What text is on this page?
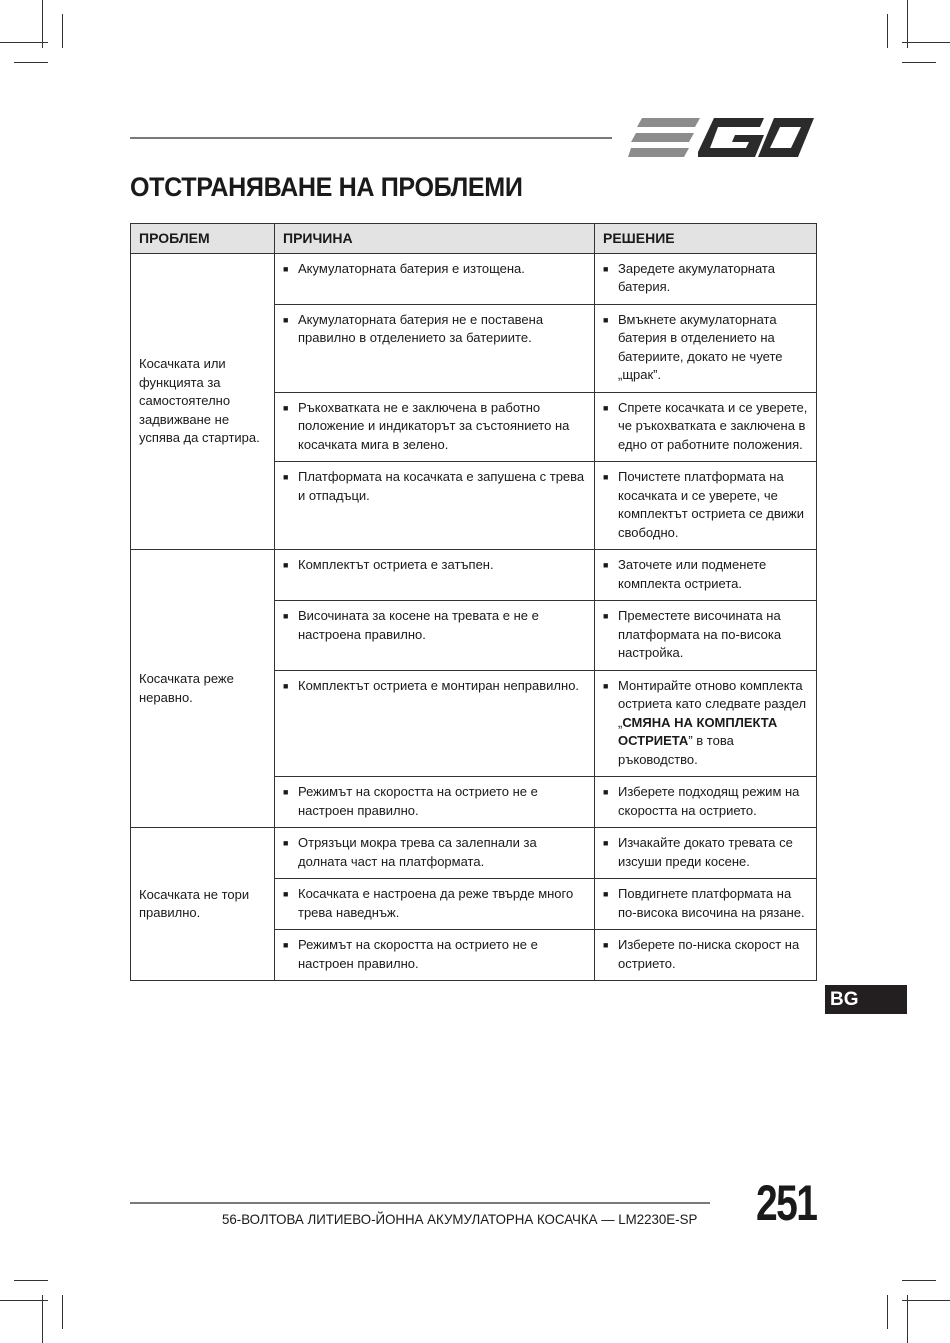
ОТСТРАНЯВАНЕ НА ПРОБЛЕМИ
ПРОБЛЕМ	ПРИЧИНА	РЕШЕНИЕ
Косачката или функцията за самостоятелно задвижване не успява да стартира.	■ Акумулаторната батерия е изтощена.	■ Заредете акумулаторната батерия.

	■ Акумулаторната батерия не е поставена правилно в отделението за батериите.	■ Вмъкнете акумулаторната батерия в отделението на батериите, докато не чуете „щрак”.

	■ Ръкохватката не е заключена в работно положение и индикаторът за състоянието на косачката мига в зелено.	■ Спрете косачката и се уверете, че ръкохватката е заключена в едно от работните положения.

	■ Платформата на косачката е запушена с трева и отпадъци.	■ Почистете платформата на косачката и се уверете, че комплектът остриета се движи свободно.

Косачката реже неравно.	■ Комплектът остриета е затъпен.	■ Заточете или подменете комплекта остриета.

	■ Височината за косене на тревата е не е настроена правилно.	■ Преместете височината на платформата на по-висока настройка.

	■ Комплектът остриета е монтиран неправилно.	■ Монтирайте отново комплекта остриета като следвате раздел „СМЯНА НА КОМПЛЕКТА ОСТРИЕТА” в това ръководство.

	■ Режимът на скоростта на острието не е настроен правилно.	■ Изберете подходящ режим на скоростта на острието.

Косачката не тори правилно.	■ Отрязъци мокра трева са залепнали за долната част на платформата.	■ Изчакайте докато тревата се изсуши преди косене.

	■ Косачката е настроена да реже твърде много трева наведнъж.	■ Повдигнете платформата на по-висока височина на рязане.

	■ Режимът на скоростта на острието не е настроен правилно.	■ Изберете по-ниска скорост на острието.
BG
56-ВОЛТОВА ЛИТИЕВО-ЙОННА АКУМУЛАТОРНА КОСАЧКА — LM2230E-SP 251
